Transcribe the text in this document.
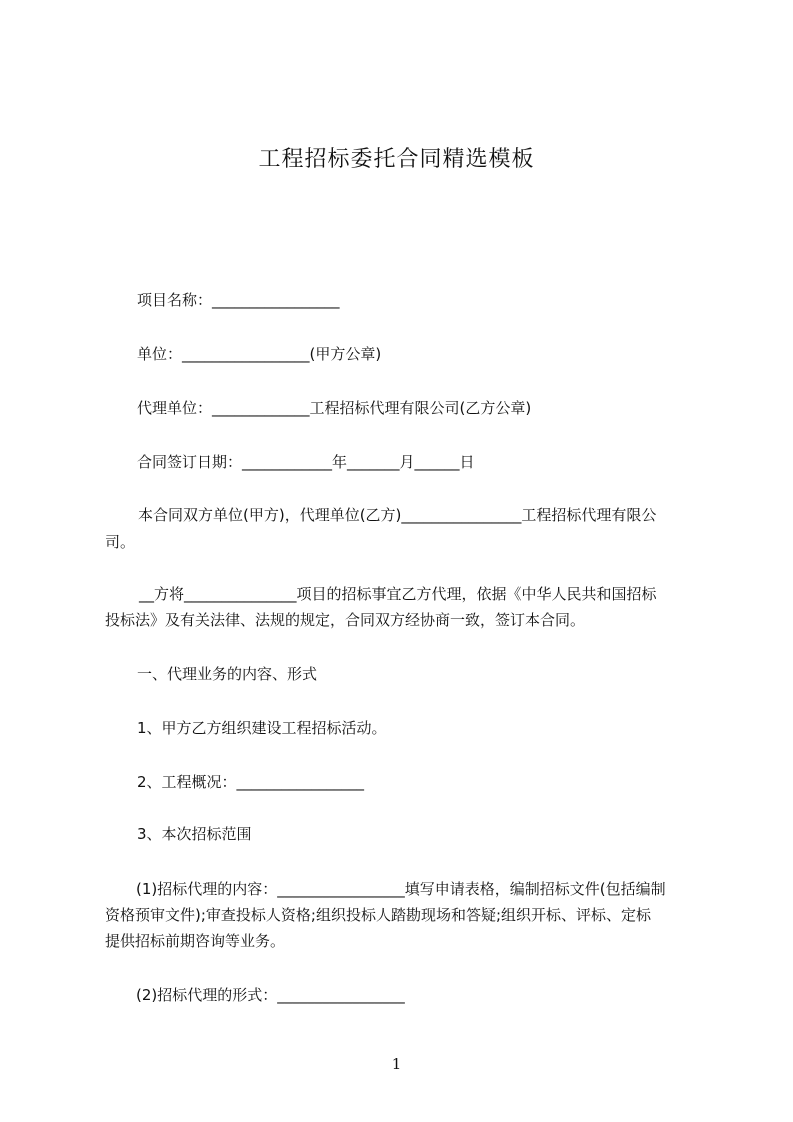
工程招标委托合同精选模板
项目名称：_________________
单位：_________________(甲方公章)
代理单位：_____________工程招标代理有限公司(乙方公章)
合同签订日期：____________年_______月______日
本合同双方单位(甲方)，代理单位(乙方)________________工程招标代理有限公
司。
__方将_______________项目的招标事宜乙方代理，依据《中华人民共和国招标
投标法》及有关法律、法规的规定，合同双方经协商一致，签订本合同。
一、代理业务的内容、形式
1、甲方乙方组织建设工程招标活动。
2、工程概况：_________________
3、本次招标范围
(1)招标代理的内容：_________________填写申请表格，编制招标文件(包括编制
资格预审文件);审查投标人资格;组织投标人踏勘现场和答疑;组织开标、评标、定标
提供招标前期咨询等业务。
(2)招标代理的形式：_________________
1
